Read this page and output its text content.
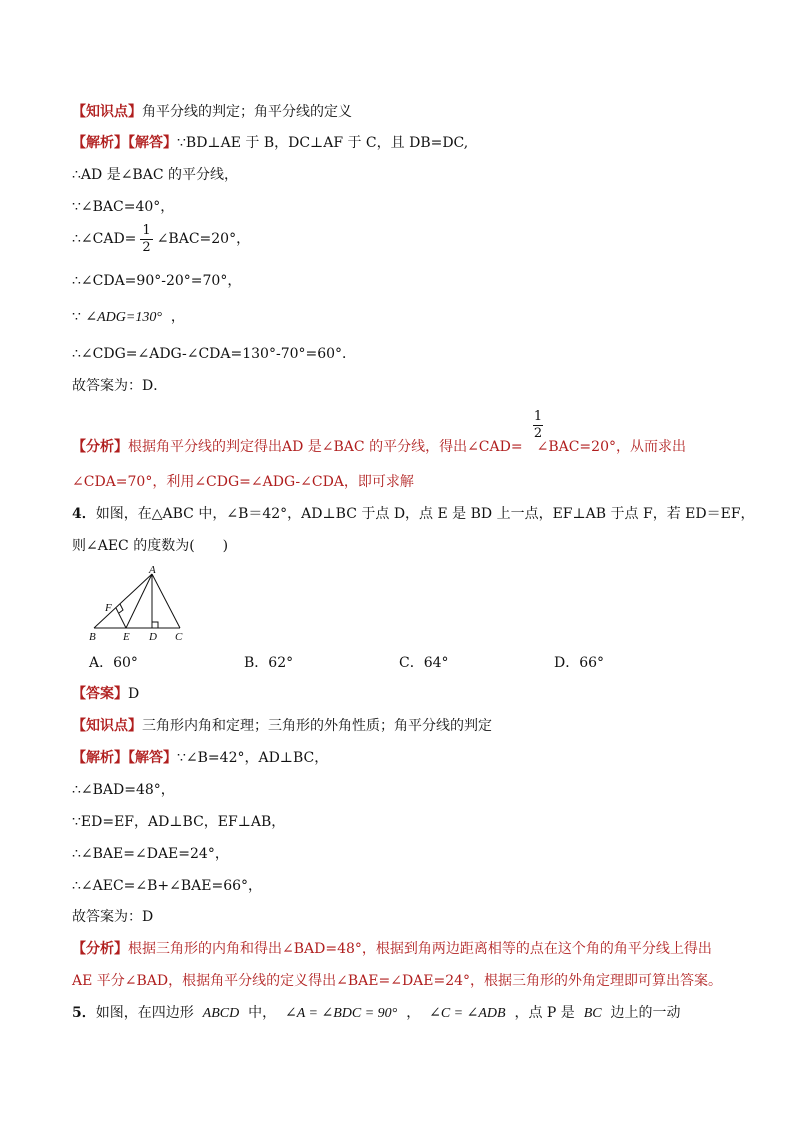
【知识点】角平分线的判定；角平分线的定义
【解析】【解答】∵BD⊥AE 于 B，DC⊥AF 于 C，且 DB=DC,
∴AD 是∠BAC 的平分线，
∵∠BAC=40°，
∴∠CAD= $\frac{1}{2}$ ∠BAC=20°，
∴∠CDA=90°-20°=70°，
∵ ∠ADG=130° ，
∴∠CDG=∠ADG-∠CDA=130°-70°=60°．
故答案为：D．
1
2
【分析】根据角平分线的判定得出AD 是∠BAC 的平分线，得出∠CAD= ∠BAC=20°，从而求出
∠CDA=70°，利用∠CDG=∠ADG-∠CDA，即可求解
4．如图，在△ABC 中，∠B＝42°，AD⊥BC 于点 D，点 E 是 BD 上一点，EF⊥AB 于点 F，若 ED＝EF，
则∠AEC 的度数为(　　)
A
F
B E D C
A．60°	B．62°	C．64°	D．66°
【答案】D
【知识点】三角形内角和定理；三角形的外角性质；角平分线的判定
【解析】【解答】∵∠B=42°，AD⊥BC，
∴∠BAD=48°，
∵ED=EF，AD⊥BC，EF⊥AB，
∴∠BAE=∠DAE=24°，
∴∠AEC=∠B+∠BAE=66°，
故答案为：D
【分析】根据三角形的内角和得出∠BAD=48°，根据到角两边距离相等的点在这个角的角平分线上得出
AE 平分∠BAD，根据角平分线的定义得出∠BAE=∠DAE=24°，根据三角形的外角定理即可算出答案。
5．如图，在四边形 ABCD 中， ∠A = ∠BDC = 90° ， ∠C = ∠ADB ，点 P 是 BC 边上的一动
